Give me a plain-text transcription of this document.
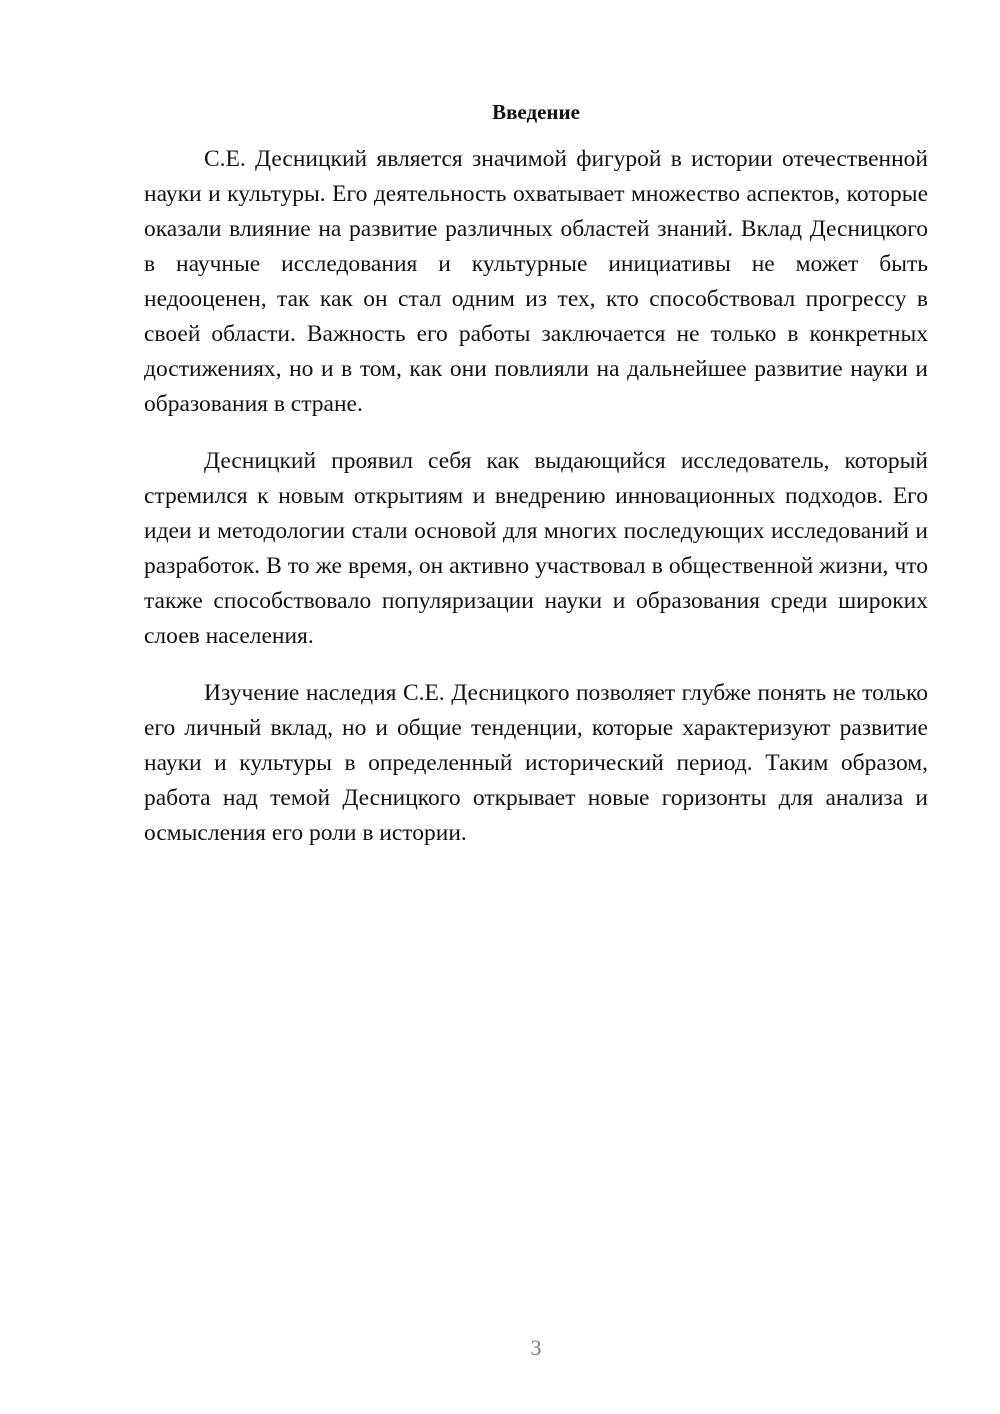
Введение

С.Е. Десницкий является значимой фигурой в истории отечественной науки и культуры. Его деятельность охватывает множество аспектов, которые оказали влияние на развитие различных областей знаний. Вклад Десницкого в научные исследования и культурные инициативы не может быть недооценен, так как он стал одним из тех, кто способствовал прогрессу в своей области. Важность его работы заключается не только в конкретных достижениях, но и в том, как они повлияли на дальнейшее развитие науки и образования в стране.

Десницкий проявил себя как выдающийся исследователь, который стремился к новым открытиям и внедрению инновационных подходов. Его идеи и методологии стали основой для многих последующих исследований и разработок. В то же время, он активно участвовал в общественной жизни, что также способствовало популяризации науки и образования среди широких слоев населения.

Изучение наследия С.Е. Десницкого позволяет глубже понять не только его личный вклад, но и общие тенденции, которые характеризуют развитие науки и культуры в определенный исторический период. Таким образом, работа над темой Десницкого открывает новые горизонты для анализа и осмысления его роли в истории.

3
